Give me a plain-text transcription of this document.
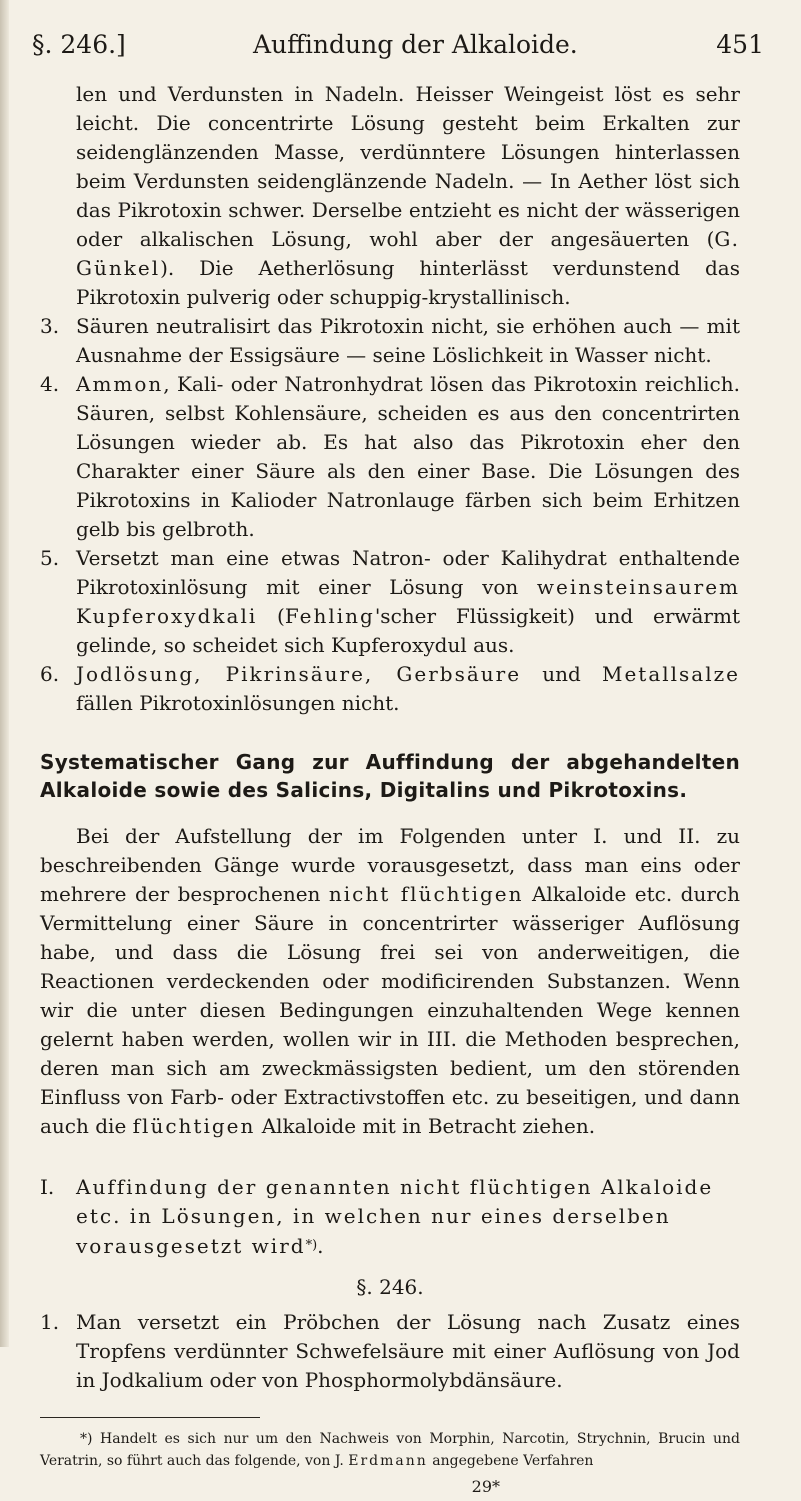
§. 246.]	Auffindung der Alkaloide.	451

len und Verdunsten in Nadeln. Heisser Weingeist löst es sehr leicht. Die concentrirte Lösung gesteht beim Erkalten zur seidenglänzenden Masse, verdünntere Lösungen hinterlassen beim Verdunsten seidenglänzende Nadeln. — In Aether löst sich das Pikrotoxin schwer. Derselbe entzieht es nicht der wässerigen oder alkalischen Lösung, wohl aber der angesäuerten (G. Günkel). Die Aetherlösung hinterlässt verdunstend das Pikrotoxin pulverig oder schuppig-krystallinisch.

3. Säuren neutralisirt das Pikrotoxin nicht, sie erhöhen auch — mit Ausnahme der Essigsäure — seine Löslichkeit in Wasser nicht.

4. Ammon, Kali- oder Natronhydrat lösen das Pikrotoxin reichlich. Säuren, selbst Kohlensäure, scheiden es aus den concentrirten Lösungen wieder ab. Es hat also das Pikrotoxin eher den Charakter einer Säure als den einer Base. Die Lösungen des Pikrotoxins in Kalioder Natronlauge färben sich beim Erhitzen gelb bis gelbroth.

5. Versetzt man eine etwas Natron- oder Kalihydrat enthaltende Pikrotoxinlösung mit einer Lösung von weinsteinsaurem Kupferoxydkali (Fehling'scher Flüssigkeit) und erwärmt gelinde, so scheidet sich Kupferoxydul aus.

6. Jodlösung, Pikrinsäure, Gerbsäure und Metallsalze fällen Pikrotoxinlösungen nicht.

Systematischer Gang zur Auffindung der abgehandelten Alkaloide sowie des Salicins, Digitalins und Pikrotoxins.

Bei der Aufstellung der im Folgenden unter I. und II. zu beschreibenden Gänge wurde vorausgesetzt, dass man eins oder mehrere der besprochenen nicht flüchtigen Alkaloide etc. durch Vermittelung einer Säure in concentrirter wässeriger Auflösung habe, und dass die Lösung frei sei von anderweitigen, die Reactionen verdeckenden oder modificirenden Substanzen. Wenn wir die unter diesen Bedingungen einzuhaltenden Wege kennen gelernt haben werden, wollen wir in III. die Methoden besprechen, deren man sich am zweckmässigsten bedient, um den störenden Einfluss von Farb- oder Extractivstoffen etc. zu beseitigen, und dann auch die flüchtigen Alkaloide mit in Betracht ziehen.

I. Auffindung der genannten nicht flüchtigen Alkaloide etc. in Lösungen, in welchen nur eines derselben vorausgesetzt wird*).

§. 246.

1. Man versetzt ein Pröbchen der Lösung nach Zusatz eines Tropfens verdünnter Schwefelsäure mit einer Auflösung von Jod in Jodkalium oder von Phosphormolybdänsäure.

*) Handelt es sich nur um den Nachweis von Morphin, Narcotin, Strychnin, Brucin und Veratrin, so führt auch das folgende, von J. Erdmann angegebene Verfahren

29*
